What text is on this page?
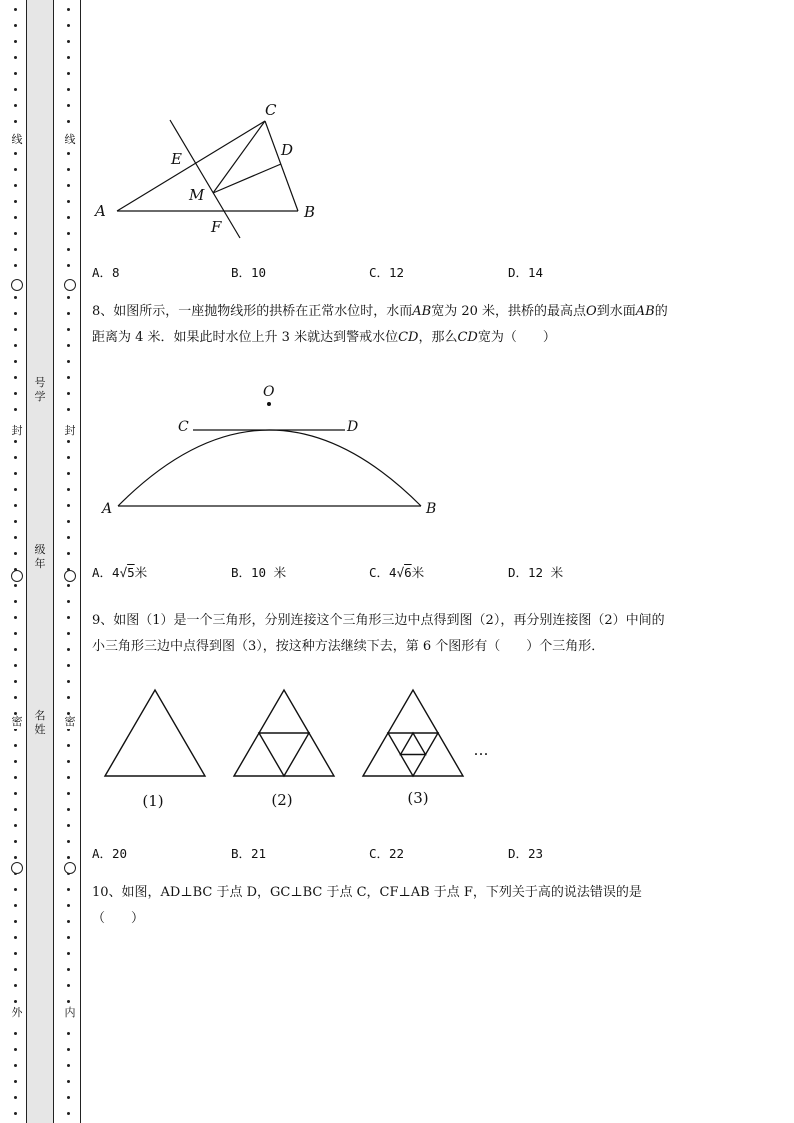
线
封
密
外
线
封
密
内
号学
级年
名姓
C
D
E
M
A	B
F
A．8	B．10	C．12	D．14
8、如图所示，一座抛物线形的拱桥在正常水位时，水而AB宽为 20 米，拱桥的最高点O到水面AB的
距离为 4 米．如果此时水位上升 3 米就达到警戒水位CD，那么CD宽为（　　）
O
C	D
A	B
A．4√5米	B．10 米	C．4√6米	D．12 米
9、如图（1）是一个三角形，分别连接这个三角形三边中点得到图（2），再分别连接图（2）中间的
小三角形三边中点得到图（3），按这种方法继续下去，第 6 个图形有（　　）个三角形．
(1)	(2)	(3)
…
A．20	B．21	C．22	D．23
10、如图，AD⊥BC 于点 D，GC⊥BC 于点 C，CF⊥AB 于点 F，下列关于高的说法错误的是
（　　）
